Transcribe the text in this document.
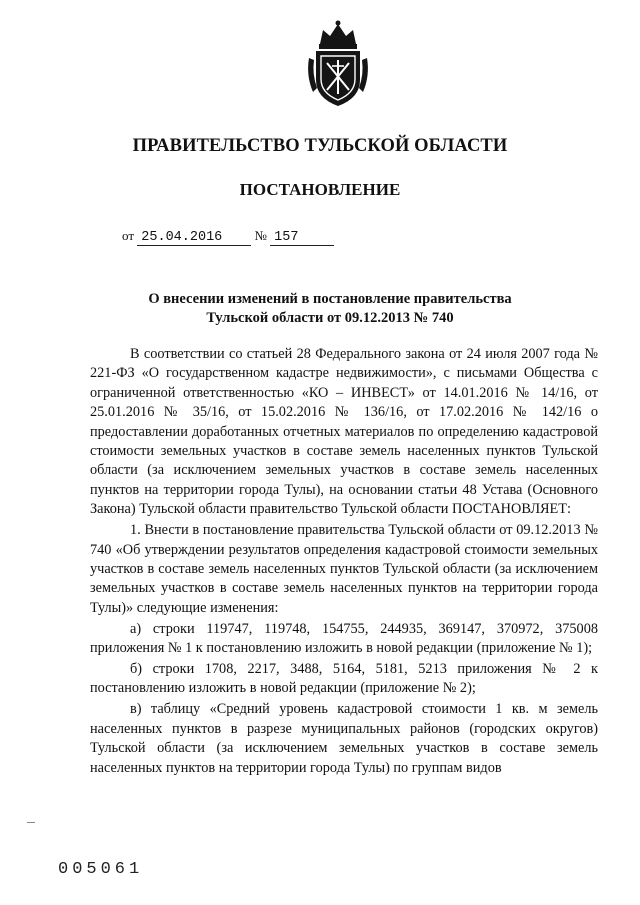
ПРАВИТЕЛЬСТВО ТУЛЬСКОЙ ОБЛАСТИ
ПОСТАНОВЛЕНИЕ
от 25.04.2016 № 157
О внесении изменений в постановление правительства
Тульской области от 09.12.2013 № 740

В соответствии со статьей 28 Федерального закона от 24 июля 2007 года № 221-ФЗ «О государственном кадастре недвижимости», с письмами Общества с ограниченной ответственностью «КО – ИНВЕСТ» от 14.01.2016 № 14/16, от 25.01.2016 № 35/16, от 15.02.2016 № 136/16, от 17.02.2016 № 142/16 о предоставлении доработанных отчетных материалов по определению кадастровой стоимости земельных участков в составе земель населенных пунктов Тульской области (за исключением земельных участков в составе земель населенных пунктов на территории города Тулы), на основании статьи 48 Устава (Основного Закона) Тульской области правительство Тульской области ПОСТАНОВЛЯЕТ:

1. Внести в постановление правительства Тульской области от 09.12.2013 № 740 «Об утверждении результатов определения кадастровой стоимости земельных участков в составе земель населенных пунктов Тульской области (за исключением земельных участков в составе земель населенных пунктов на территории города Тулы)» следующие изменения:

а) строки 119747, 119748, 154755, 244935, 369147, 370972, 375008 приложения № 1 к постановлению изложить в новой редакции (приложение № 1);

б) строки 1708, 2217, 3488, 5164, 5181, 5213 приложения № 2 к постановлению изложить в новой редакции (приложение № 2);

в) таблицу «Средний уровень кадастровой стоимости 1 кв. м земель населенных пунктов в разрезе муниципальных районов (городских округов) Тульской области (за исключением земельных участков в составе земель населенных пунктов на территории города Тулы) по группам видов

005061
